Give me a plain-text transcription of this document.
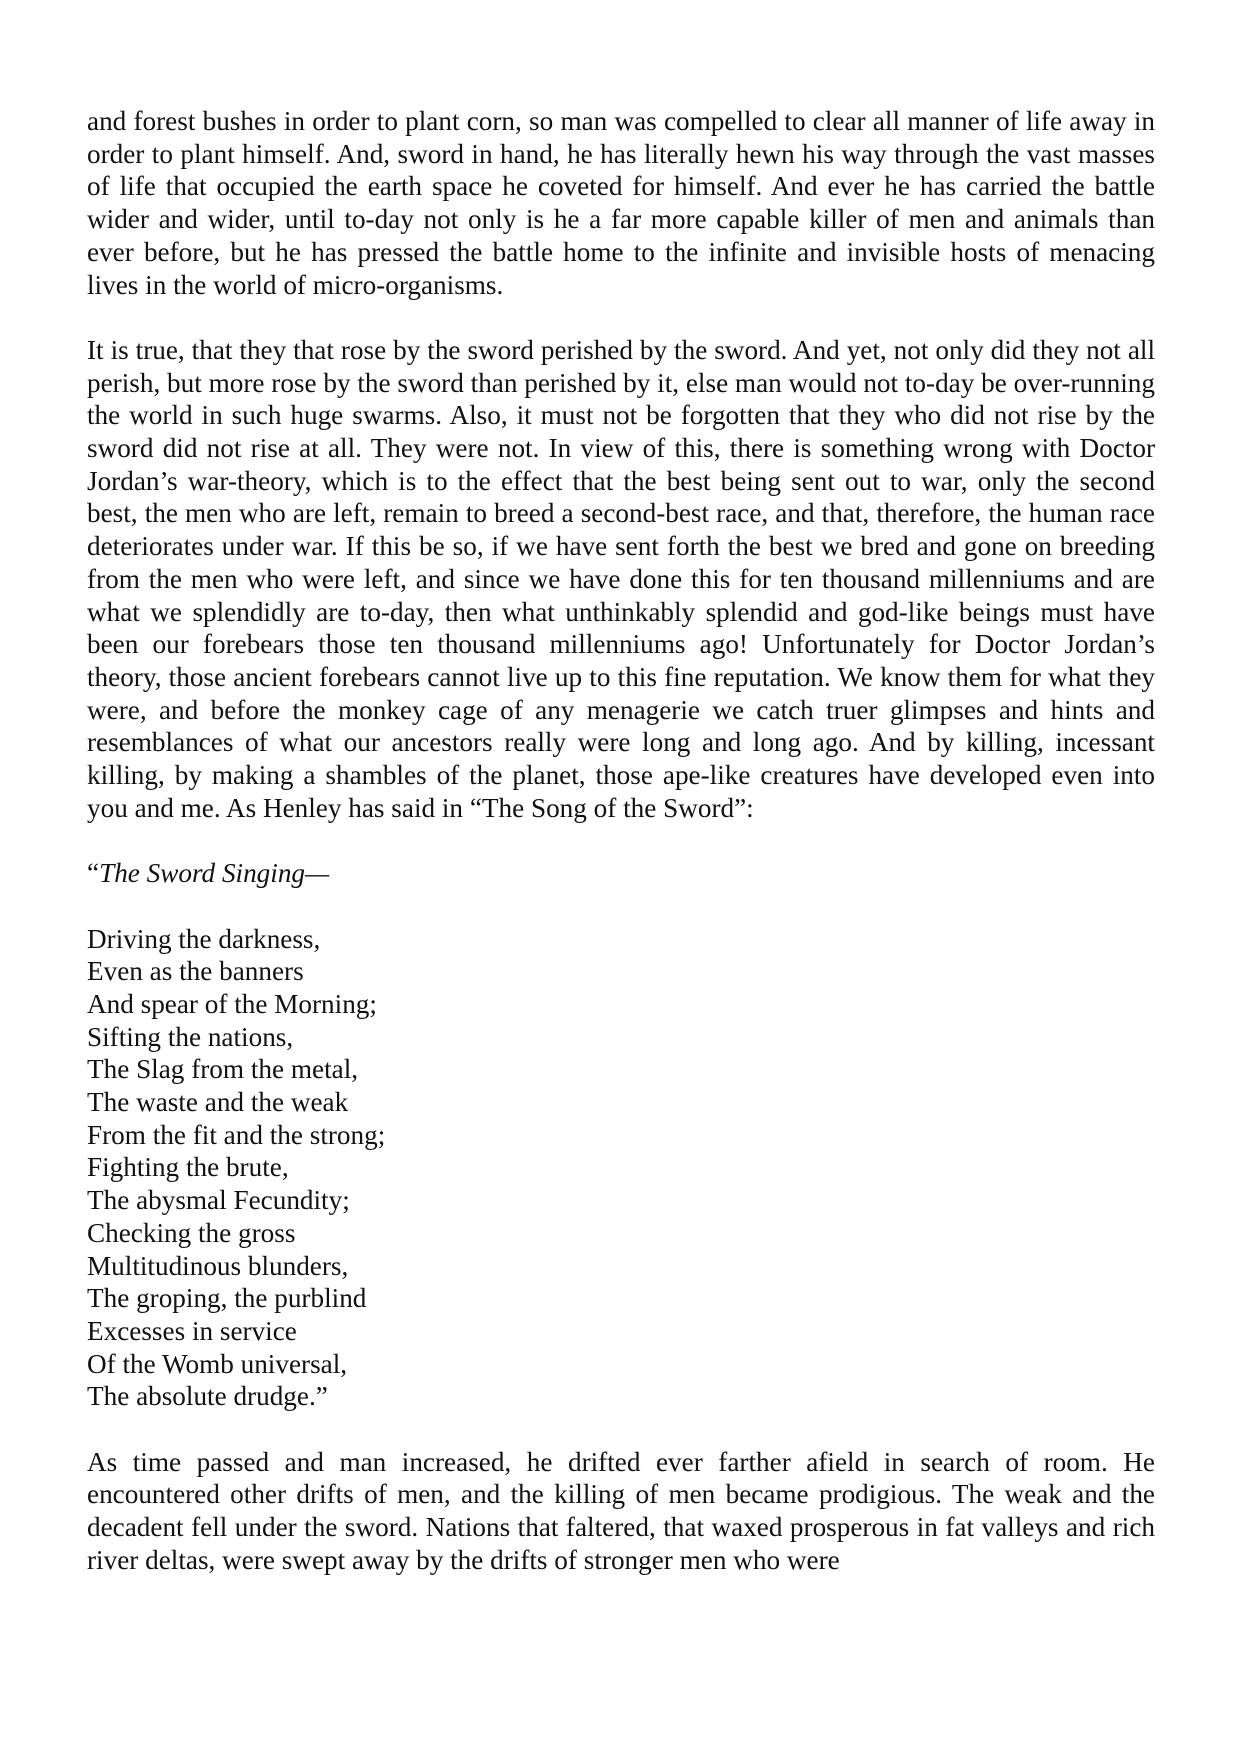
and forest bushes in order to plant corn, so man was compelled to clear all manner of life away in order to plant himself. And, sword in hand, he has literally hewn his way through the vast masses of life that occupied the earth space he coveted for himself. And ever he has carried the battle wider and wider, until to-day not only is he a far more capable killer of men and animals than ever before, but he has pressed the battle home to the infinite and invisible hosts of menacing lives in the world of micro-organisms.

It is true, that they that rose by the sword perished by the sword. And yet, not only did they not all perish, but more rose by the sword than perished by it, else man would not to-day be over-running the world in such huge swarms. Also, it must not be forgotten that they who did not rise by the sword did not rise at all. They were not. In view of this, there is something wrong with Doctor Jordan’s war-theory, which is to the effect that the best being sent out to war, only the second best, the men who are left, remain to breed a second-best race, and that, therefore, the human race deteriorates under war. If this be so, if we have sent forth the best we bred and gone on breeding from the men who were left, and since we have done this for ten thousand millenniums and are what we splendidly are to-day, then what unthinkably splendid and god-like beings must have been our forebears those ten thousand millenniums ago! Unfortunately for Doctor Jordan’s theory, those ancient forebears cannot live up to this fine reputation. We know them for what they were, and before the monkey cage of any menagerie we catch truer glimpses and hints and resemblances of what our ancestors really were long and long ago. And by killing, incessant killing, by making a shambles of the planet, those ape-like creatures have developed even into you and me. As Henley has said in “The Song of the Sword”:

“The Sword Singing—

Driving the darkness,
Even as the banners
And spear of the Morning;
Sifting the nations,
The Slag from the metal,
The waste and the weak
From the fit and the strong;
Fighting the brute,
The abysmal Fecundity;
Checking the gross
Multitudinous blunders,
The groping, the purblind
Excesses in service
Of the Womb universal,
The absolute drudge.”

As time passed and man increased, he drifted ever farther afield in search of room. He encountered other drifts of men, and the killing of men became prodigious. The weak and the decadent fell under the sword. Nations that faltered, that waxed prosperous in fat valleys and rich river deltas, were swept away by the drifts of stronger men who were
